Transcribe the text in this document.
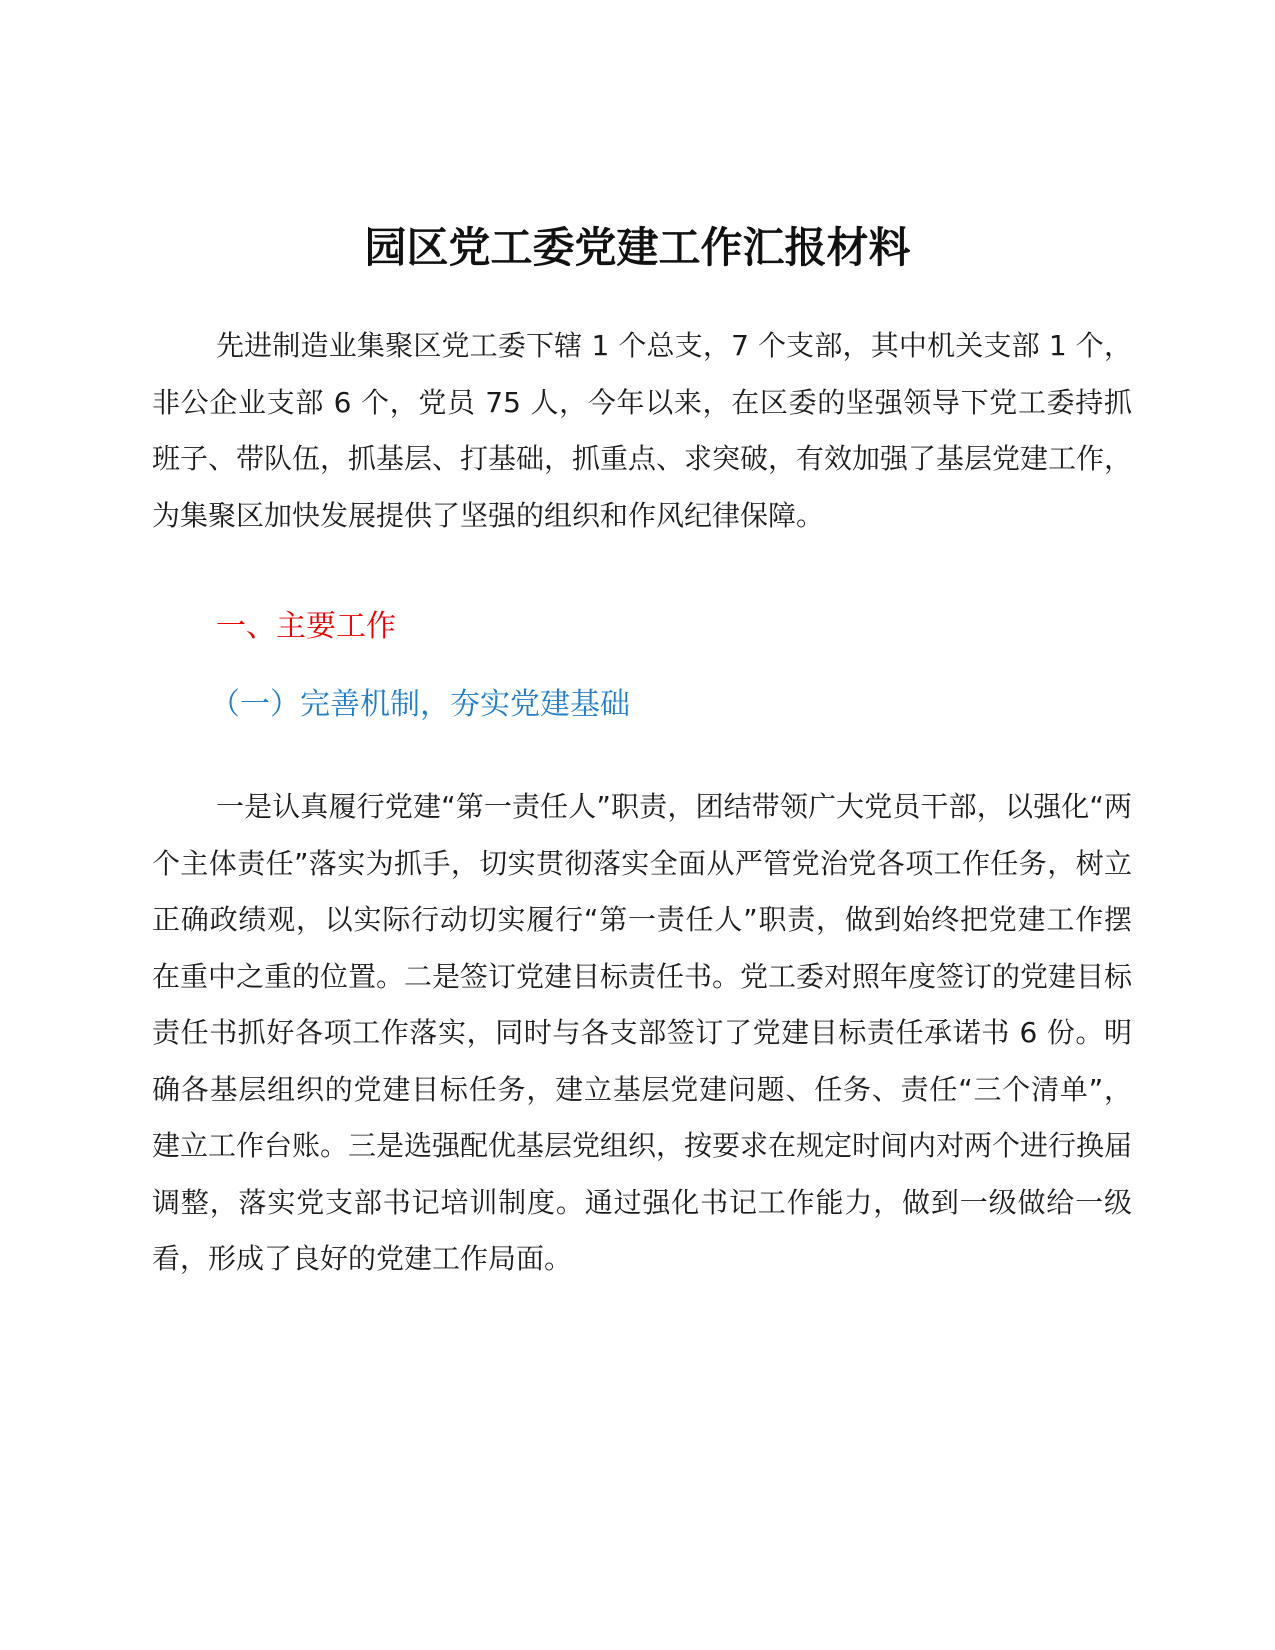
园区党工委党建工作汇报材料

先进制造业集聚区党工委下辖 1 个总支，7 个支部，其中机关支部 1 个，非公企业支部 6 个，党员 75 人，今年以来，在区委的坚强领导下党工委持抓班子、带队伍，抓基层、打基础，抓重点、求突破，有效加强了基层党建工作，为集聚区加快发展提供了坚强的组织和作风纪律保障。

一、主要工作
（一）完善机制，夯实党建基础

一是认真履行党建“第一责任人”职责，团结带领广大党员干部，以强化“两个主体责任”落实为抓手，切实贯彻落实全面从严管党治党各项工作任务，树立正确政绩观，以实际行动切实履行“第一责任人”职责，做到始终把党建工作摆在重中之重的位置。二是签订党建目标责任书。党工委对照年度签订的党建目标责任书抓好各项工作落实，同时与各支部签订了党建目标责任承诺书 6 份。明确各基层组织的党建目标任务，建立基层党建问题、任务、责任“三个清单”，建立工作台账。三是选强配优基层党组织，按要求在规定时间内对两个进行换届调整，落实党支部书记培训制度。通过强化书记工作能力，做到一级做给一级看，形成了良好的党建工作局面。
